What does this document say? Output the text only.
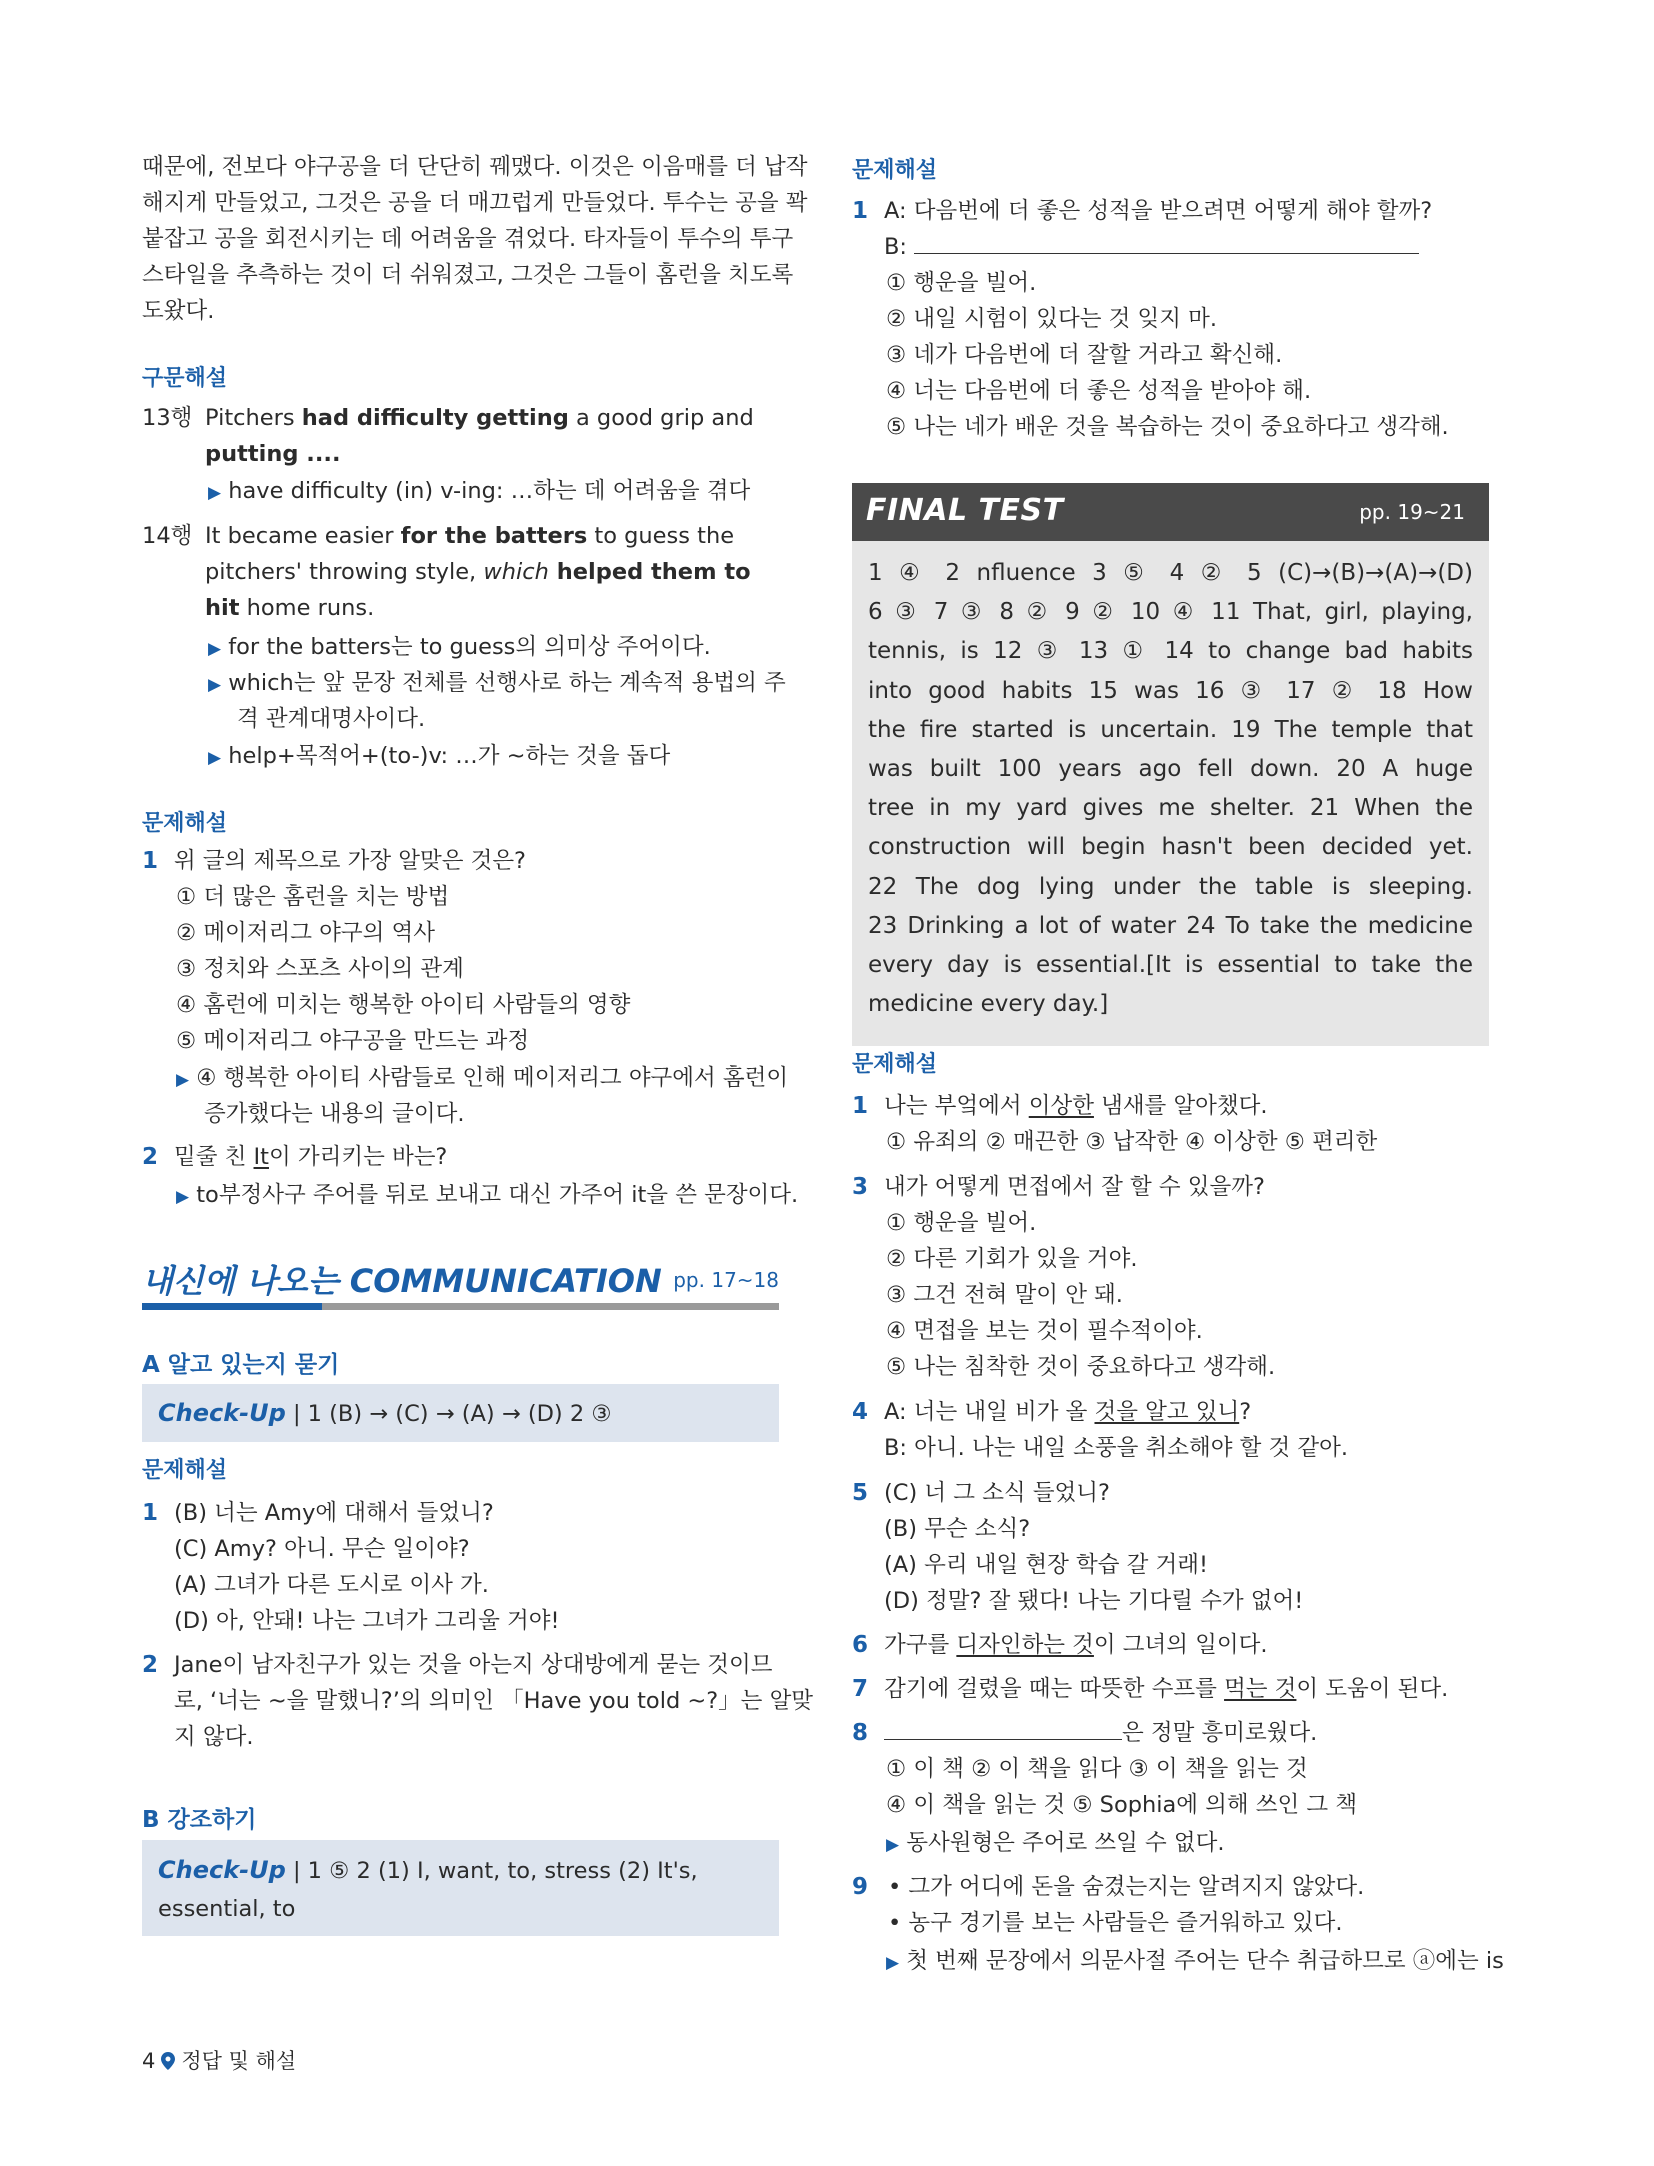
때문에, 전보다 야구공을 더 단단히 꿰맸다. 이것은 이음매를 더 납작
해지게 만들었고, 그것은 공을 더 매끄럽게 만들었다. 투수는 공을 꽉
붙잡고 공을 회전시키는 데 어려움을 겪었다. 타자들이 투수의 투구
스타일을 추측하는 것이 더 쉬워졌고, 그것은 그들이 홈런을 치도록
도왔다.
구문해설
13행 Pitchers had difficulty getting a good grip and
putting ....
▶ have difficulty (in) v-ing: …하는 데 어려움을 겪다
14행 It became easier for the batters to guess the
pitchers' throwing style, which helped them to
hit home runs.
▶ for the batters는 to guess의 의미상 주어이다.
▶ which는 앞 문장 전체를 선행사로 하는 계속적 용법의 주
격 관계대명사이다.
▶ help+목적어+(to-)v: …가 ~하는 것을 돕다
문제해설
1 위 글의 제목으로 가장 알맞은 것은?
① 더 많은 홈런을 치는 방법
② 메이저리그 야구의 역사
③ 정치와 스포츠 사이의 관계
④ 홈런에 미치는 행복한 아이티 사람들의 영향
⑤ 메이저리그 야구공을 만드는 과정
▶ ④ 행복한 아이티 사람들로 인해 메이저리그 야구에서 홈런이
증가했다는 내용의 글이다.
2 밑줄 친 It이 가리키는 바는?
▶ to부정사구 주어를 뒤로 보내고 대신 가주어 it을 쓴 문장이다.
내신에 나오는 COMMUNICATION pp. 17~18
A 알고 있는지 묻기
Check-Up | 1 (B) → (C) → (A) → (D) 2 ③
문제해설
1 (B) 너는 Amy에 대해서 들었니?
(C) Amy? 아니. 무슨 일이야?
(A) 그녀가 다른 도시로 이사 가.
(D) 아, 안돼! 나는 그녀가 그리울 거야!
2 Jane이 남자친구가 있는 것을 아는지 상대방에게 묻는 것이므
로, ‘너는 ~을 말했니?’의 의미인 「Have you told ~?」는 알맞
지 않다.
B 강조하기
Check-Up | 1 ⑤ 2 (1) I, want, to, stress (2) It's,
essential, to
4 정답 및 해설
문제해설
1 A: 다음번에 더 좋은 성적을 받으려면 어떻게 해야 할까?
B:
① 행운을 빌어.
② 내일 시험이 있다는 것 잊지 마.
③ 네가 다음번에 더 잘할 거라고 확신해.
④ 너는 다음번에 더 좋은 성적을 받아야 해.
⑤ 나는 네가 배운 것을 복습하는 것이 중요하다고 생각해.
FINAL TEST	pp. 19~21

1 ④ 2 nfluence 3 ⑤ 4 ② 5 (C)→(B)→(A)→(D)

6 ③ 7 ③ 8 ② 9 ② 10 ④ 11 That, girl, playing,

tennis, is 12 ③ 13 ① 14 to change bad habits

into good habits 15 was 16 ③ 17 ② 18 How

the fire started is uncertain. 19 The temple that

was built 100 years ago fell down. 20 A huge

tree in my yard gives me shelter. 21 When the

construction will begin hasn't been decided yet.

22 The dog lying under the table is sleeping.

23 Drinking a lot of water 24 To take the medicine

every day is essential.[It is essential to take the

medicine every day.]

문제해설
1 나는 부엌에서 이상한 냄새를 알아챘다.
① 유죄의 ② 매끈한 ③ 납작한 ④ 이상한 ⑤ 편리한
3 내가 어떻게 면접에서 잘 할 수 있을까?
① 행운을 빌어.
② 다른 기회가 있을 거야.
③ 그건 전혀 말이 안 돼.
④ 면접을 보는 것이 필수적이야.
⑤ 나는 침착한 것이 중요하다고 생각해.
4 A: 너는 내일 비가 올 것을 알고 있니?
B: 아니. 나는 내일 소풍을 취소해야 할 것 같아.
5 (C) 너 그 소식 들었니?
(B) 무슨 소식?
(A) 우리 내일 현장 학습 갈 거래!
(D) 정말? 잘 됐다! 나는 기다릴 수가 없어!
6 가구를 디자인하는 것이 그녀의 일이다.
7 감기에 걸렸을 때는 따뜻한 수프를 먹는 것이 도움이 된다.
8	은 정말 흥미로웠다.
① 이 책 ② 이 책을 읽다 ③ 이 책을 읽는 것
④ 이 책을 읽는 것 ⑤ Sophia에 의해 쓰인 그 책
▶ 동사원형은 주어로 쓰일 수 없다.
9 • 그가 어디에 돈을 숨겼는지는 알려지지 않았다.
• 농구 경기를 보는 사람들은 즐거워하고 있다.
▶ 첫 번째 문장에서 의문사절 주어는 단수 취급하므로 ⓐ에는 is
